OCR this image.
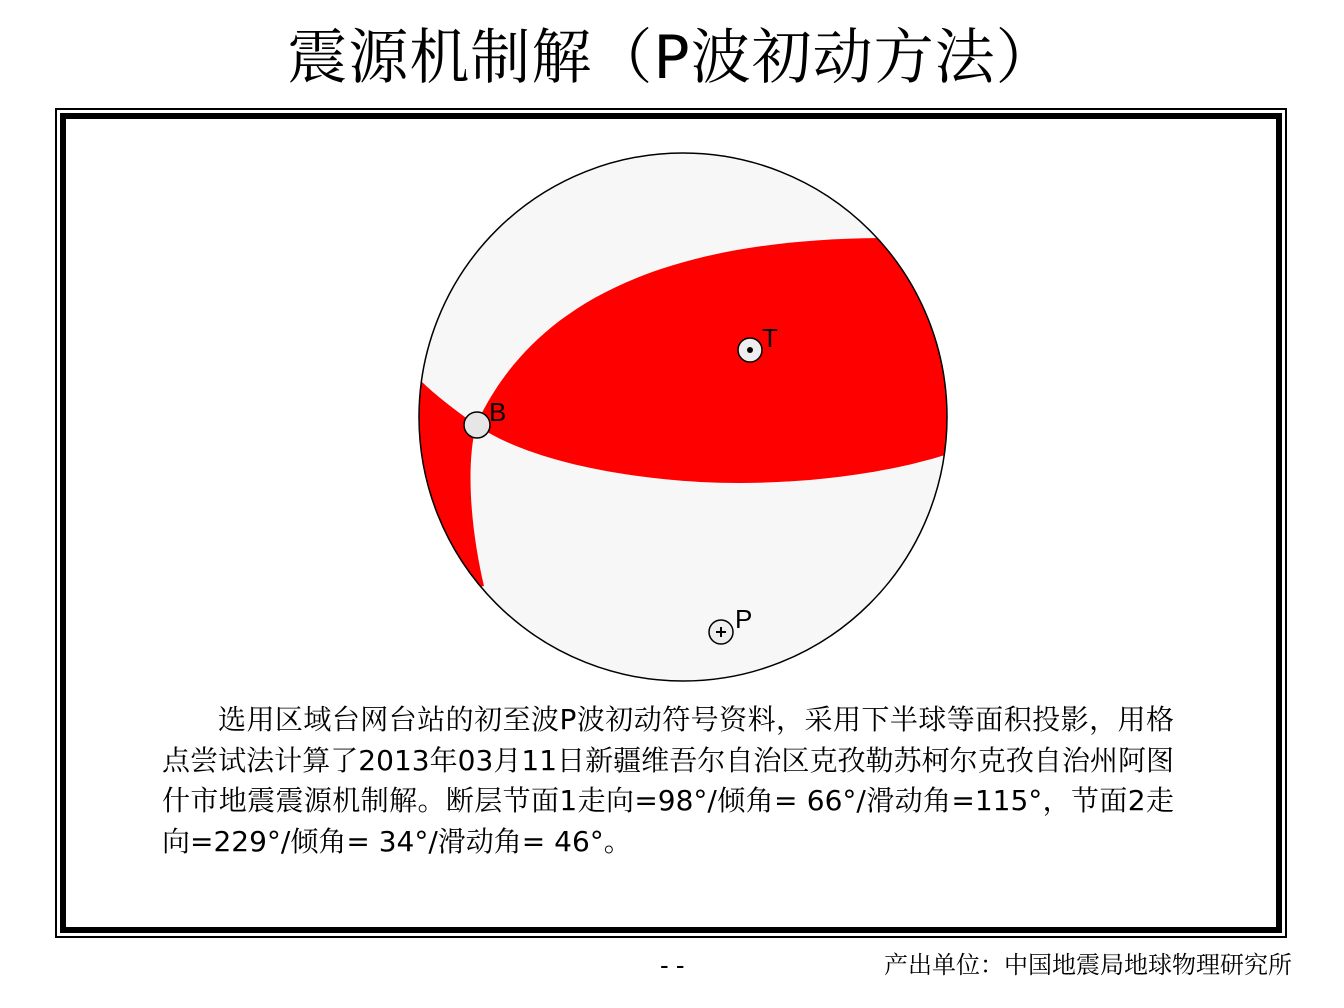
震源机制解（P波初动方法）
T
B
P

选用区域台网台站的初至波P波初动符号资料，采用下半球等面积投影，用格点尝试法计算了2013年03月11日新疆维吾尔自治区克孜勒苏柯尔克孜自治州阿图什市地震震源机制解。断层节面1走向=98°/倾角= 66°/滑动角=115°，节面2走向=229°/倾角= 34°/滑动角= 46°。

- -	产出单位：中国地震局地球物理研究所
